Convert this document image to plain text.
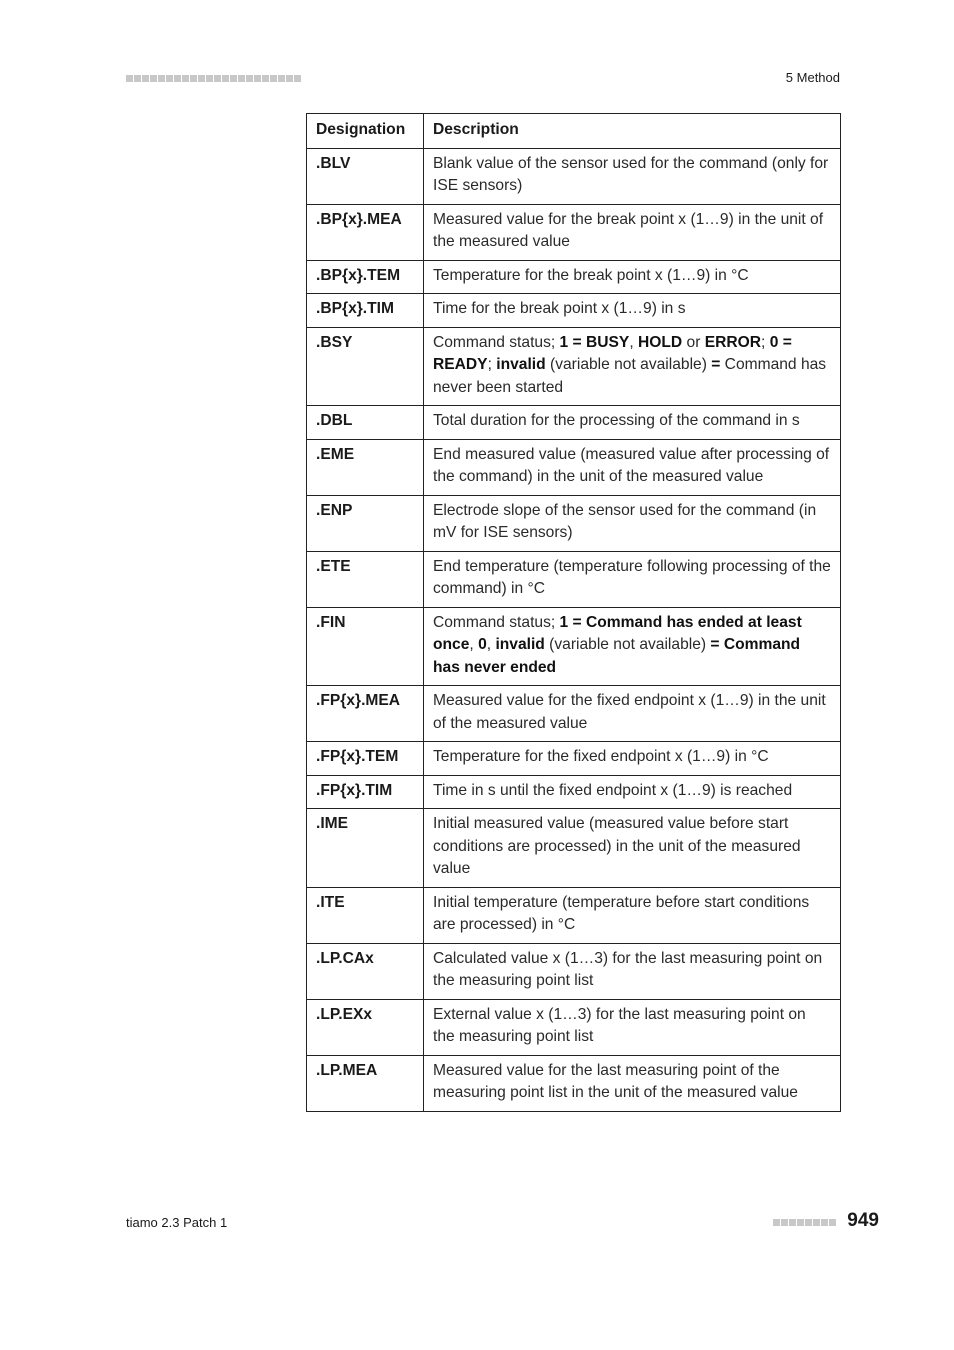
5 Method
Designation	Description
.BLV	Blank value of the sensor used for the command (only for ISE sensors)
.BP{x}.MEA	Measured value for the break point x (1…9) in the unit of the measured value
.BP{x}.TEM	Temperature for the break point x (1…9) in °C
.BP{x}.TIM	Time for the break point x (1…9) in s
.BSY	Command status; 1 = BUSY, HOLD or ERROR; 0 = READY; invalid (variable not available) = Command has never been started
.DBL	Total duration for the processing of the command in s
.EME	End measured value (measured value after processing of the command) in the unit of the measured value
.ENP	Electrode slope of the sensor used for the command (in mV for ISE sensors)
.ETE	End temperature (temperature following processing of the command) in °C
.FIN	Command status; 1 = Command has ended at least once, 0, invalid (variable not available) = Command has never ended
.FP{x}.MEA	Measured value for the fixed endpoint x (1…9) in the unit of the measured value
.FP{x}.TEM	Temperature for the fixed endpoint x (1…9) in °C
.FP{x}.TIM	Time in s until the fixed endpoint x (1…9) is reached
.IME	Initial measured value (measured value before start conditions are processed) in the unit of the measured value
.ITE	Initial temperature (temperature before start conditions are processed) in °C
.LP.CAx	Calculated value x (1…3) for the last measuring point on the measuring point list
.LP.EXx	External value x (1…3) for the last measuring point on the measuring point list
.LP.MEA	Measured value for the last measuring point of the measuring point list in the unit of the measured value
tiamo 2.3 Patch 1	949
